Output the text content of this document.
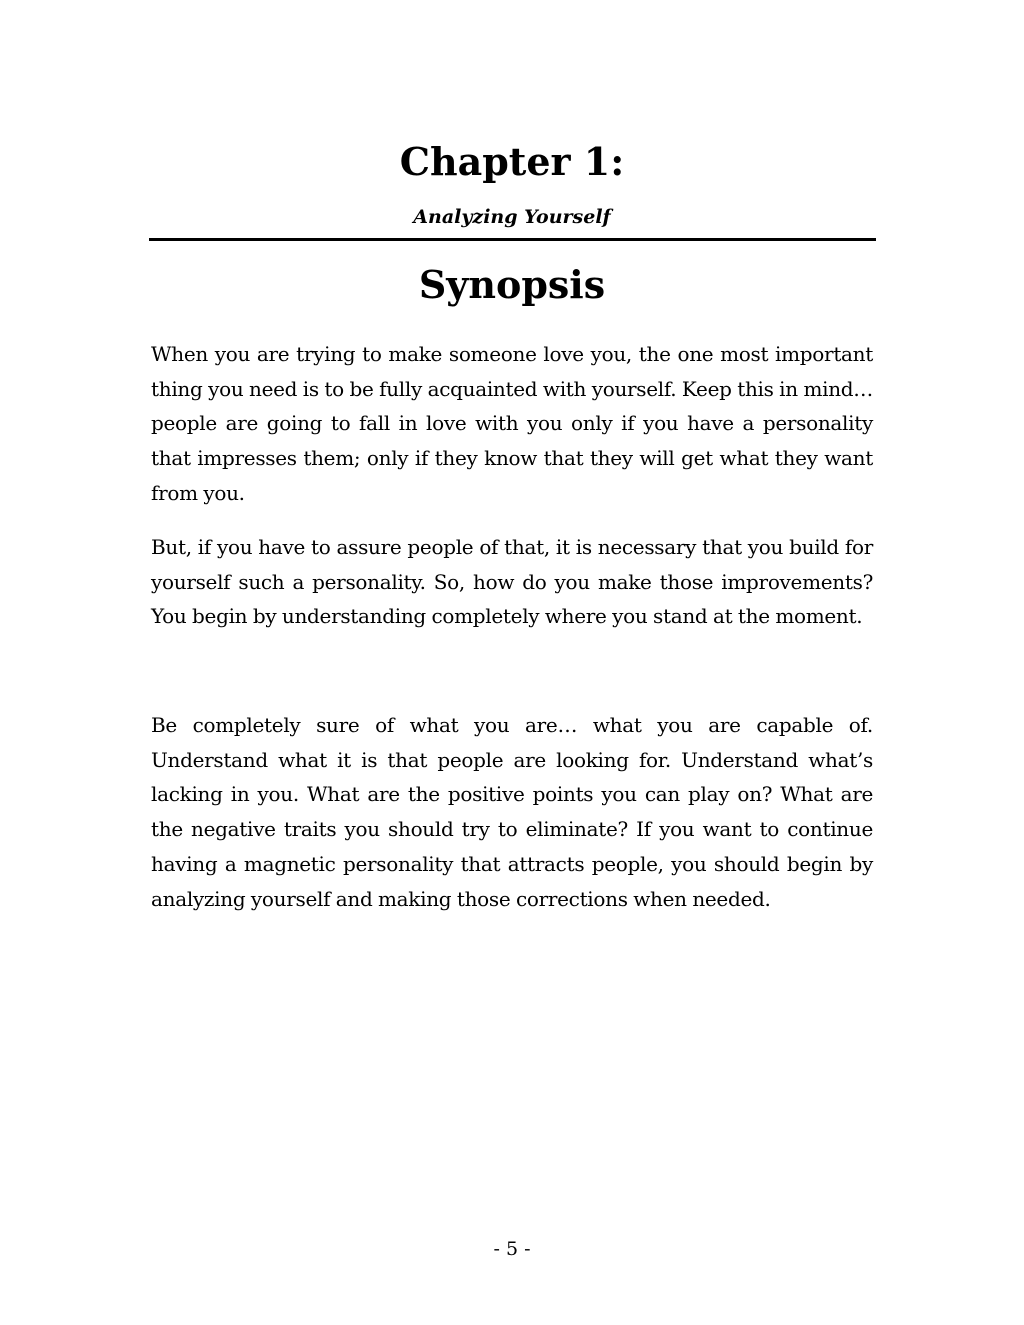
Chapter 1:
Analyzing Yourself
Synopsis

When you are trying to make someone love you, the one most important thing you need is to be fully acquainted with yourself. Keep this in mind… people are going to fall in love with you only if you have a personality that impresses them; only if they know that they will get what they want from you.

But, if you have to assure people of that, it is necessary that you build for yourself such a personality. So, how do you make those improvements? You begin by understanding completely where you stand at the moment.

Be completely sure of what you are… what you are capable of. Understand what it is that people are looking for. Understand what’s lacking in you. What are the positive points you can play on? What are the negative traits you should try to eliminate? If you want to continue having a magnetic personality that attracts people, you should begin by analyzing yourself and making those corrections when needed.

- 5 -
